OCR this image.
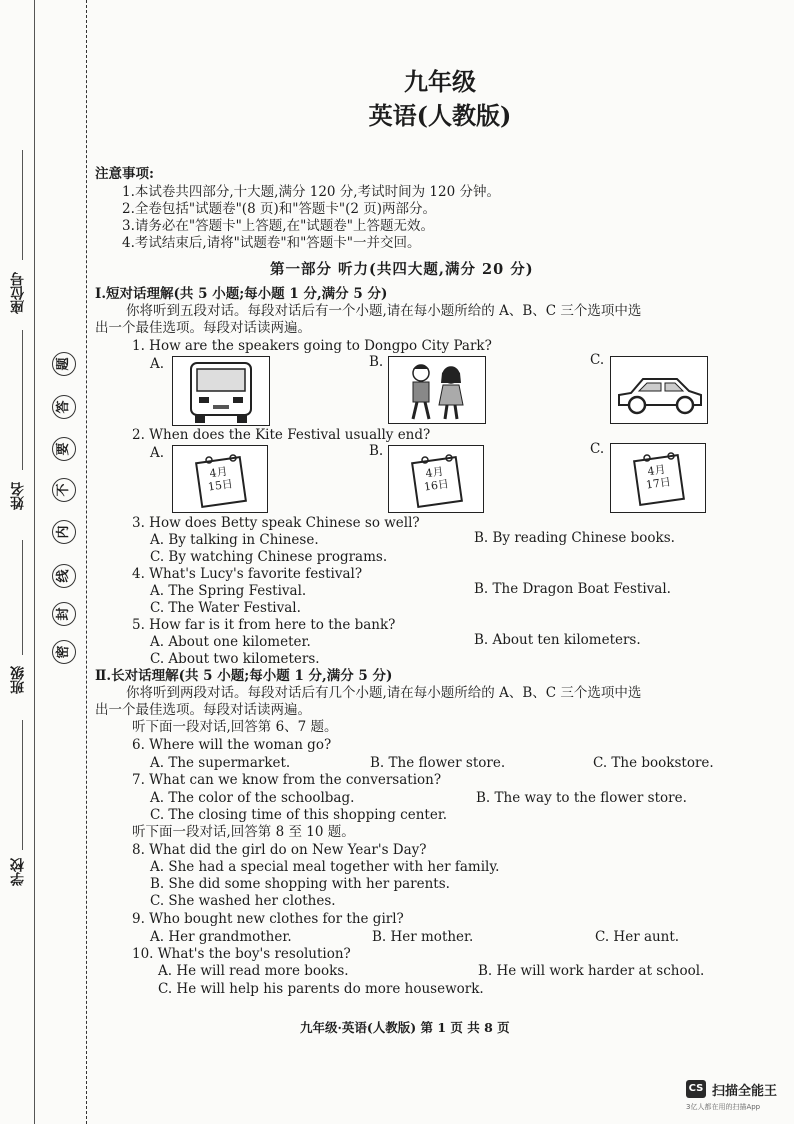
座位号
姓名
班级
学校
密
封
线
内
不
要
答
题
九年级
英语(人教版)
注意事项:
1.本试卷共四部分,十大题,满分 120 分,考试时间为 120 分钟。
2.全卷包括"试题卷"(8 页)和"答题卡"(2 页)两部分。
3.请务必在"答题卡"上答题,在"试题卷"上答题无效。
4.考试结束后,请将"试题卷"和"答题卡"一并交回。
第一部分 听力(共四大题,满分 20 分)
Ⅰ.短对话理解(共 5 小题;每小题 1 分,满分 5 分)
你将听到五段对话。每段对话后有一个小题,请在每小题所给的 A、B、C 三个选项中选
出一个最佳选项。每段对话读两遍。
1. How are the speakers going to Dongpo City Park?
A.	B.	C.
2. When does the Kite Festival usually end?
A.	B.	C.
4月
15日
4月
16日
4月
17日
3. How does Betty speak Chinese so well?
A. By talking in Chinese.	B. By reading Chinese books.
C. By watching Chinese programs.
4. What's Lucy's favorite festival?
A. The Spring Festival.	B. The Dragon Boat Festival.
C. The Water Festival.
5. How far is it from here to the bank?
A. About one kilometer.	B. About ten kilometers.
C. About two kilometers.
Ⅱ.长对话理解(共 5 小题;每小题 1 分,满分 5 分)
你将听到两段对话。每段对话后有几个小题,请在每小题所给的 A、B、C 三个选项中选
出一个最佳选项。每段对话读两遍。
听下面一段对话,回答第 6、7 题。
6. Where will the woman go?
A. The supermarket.	B. The flower store.	C. The bookstore.
7. What can we know from the conversation?
A. The color of the schoolbag.	B. The way to the flower store.
C. The closing time of this shopping center.
听下面一段对话,回答第 8 至 10 题。
8. What did the girl do on New Year's Day?
A. She had a special meal together with her family.
B. She did some shopping with her parents.
C. She washed her clothes.
9. Who bought new clothes for the girl?
A. Her grandmother.	B. Her mother.	C. Her aunt.
10. What's the boy's resolution?
A. He will read more books.	B. He will work harder at school.
C. He will help his parents do more housework.
九年级·英语(人教版) 第 1 页 共 8 页
CS 扫描全能王
3亿人都在用的扫描App
